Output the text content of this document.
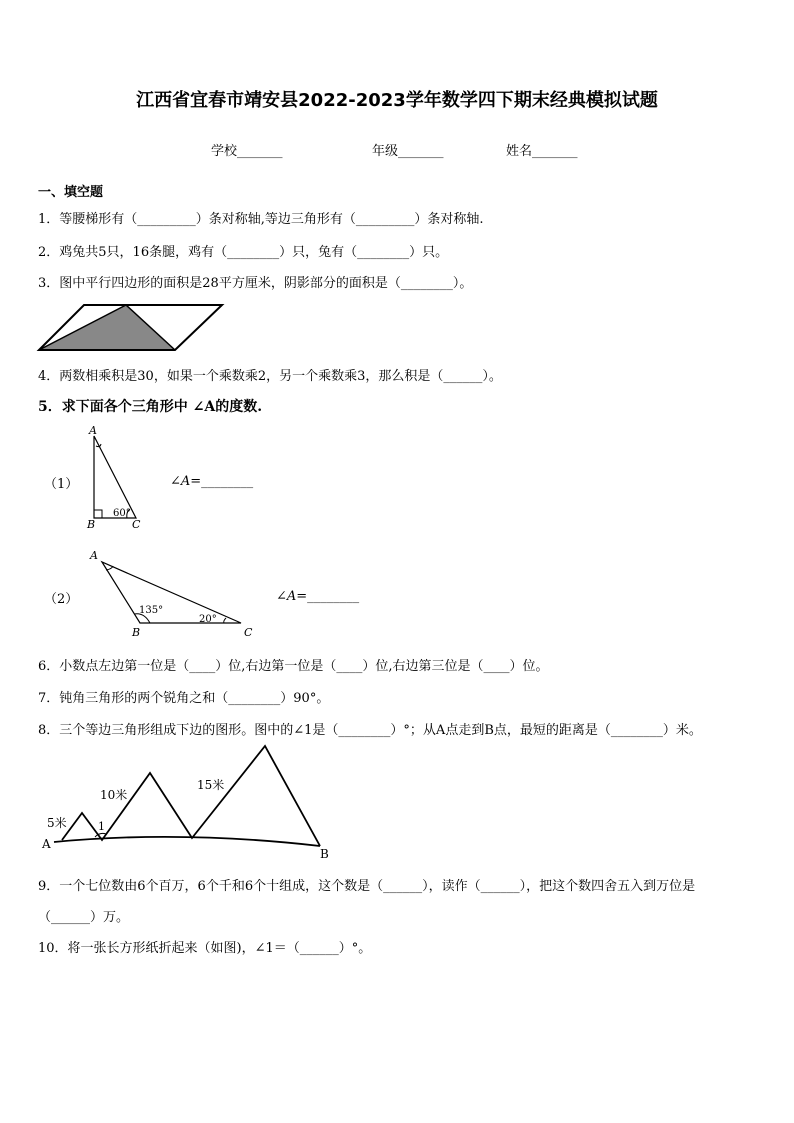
江西省宜春市靖安县2022-2023学年数学四下期末经典模拟试题
学校_______	年级_______	姓名_______
一、填空题
1．等腰梯形有（_________）条对称轴,等边三角形有（_________）条对称轴.
2．鸡兔共5只，16条腿，鸡有（________）只，兔有（________）只。
3．图中平行四边形的面积是28平方厘米，阴影部分的面积是（________）。
4．两数相乘积是30，如果一个乘数乘2，另一个乘数乘3，那么积是（______）。
5．求下面各个三角形中 ∠A的度数.
（1）
A
B	C
60°
∠A=________
（2）
A
B	C
135°
20°
∠A=________
6．小数点左边第一位是（____）位,右边第一位是（____）位,右边第三位是（____）位。
7．钝角三角形的两个锐角之和（________）90°。
8．三个等边三角形组成下边的图形。图中的∠1是（________）°；从A点走到B点，最短的距离是（________）米。
5米
10米
15米
1
A
B
9．一个七位数由6个百万，6个千和6个十组成，这个数是（______），读作（______），把这个数四舍五入到万位是
（______）万。
10．将一张长方形纸折起来（如图)，∠1＝（______）°。
